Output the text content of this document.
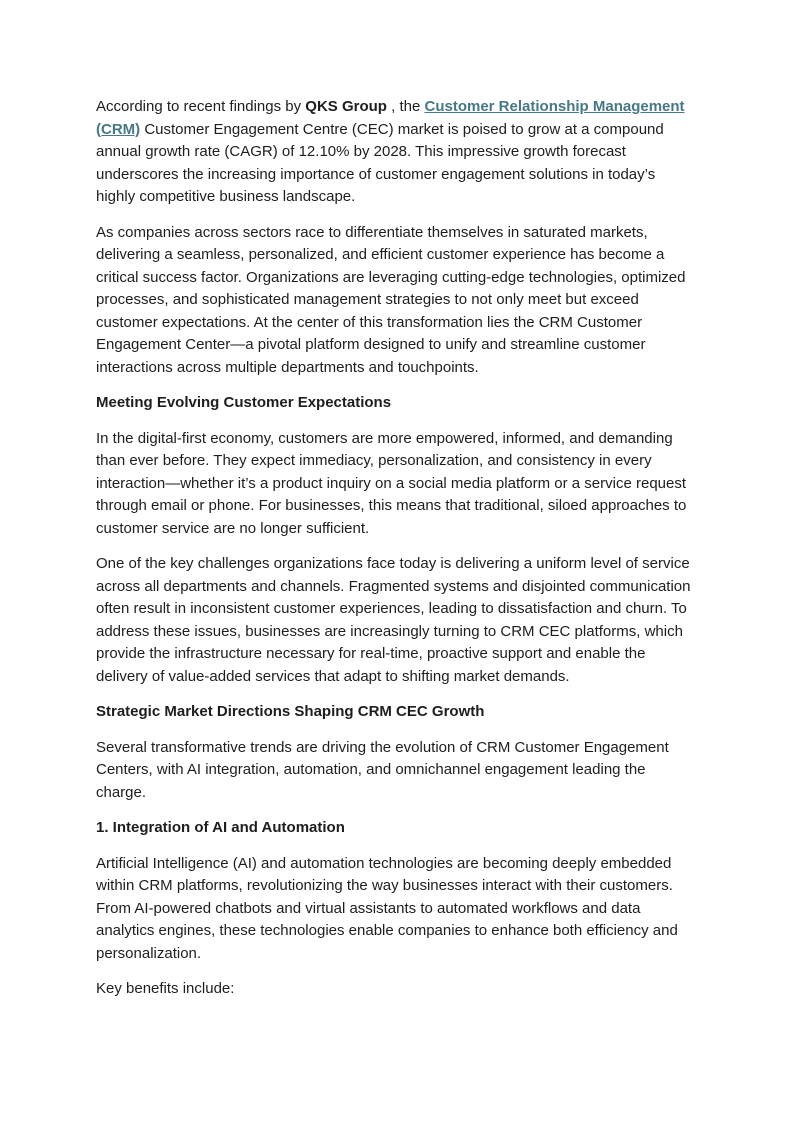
According to recent findings by QKS Group , the Customer Relationship Management (CRM) Customer Engagement Centre (CEC) market is poised to grow at a compound annual growth rate (CAGR) of 12.10% by 2028. This impressive growth forecast underscores the increasing importance of customer engagement solutions in today’s highly competitive business landscape.

As companies across sectors race to differentiate themselves in saturated markets, delivering a seamless, personalized, and efficient customer experience has become a critical success factor. Organizations are leveraging cutting-edge technologies, optimized processes, and sophisticated management strategies to not only meet but exceed customer expectations. At the center of this transformation lies the CRM Customer Engagement Center—a pivotal platform designed to unify and streamline customer interactions across multiple departments and touchpoints.

Meeting Evolving Customer Expectations

In the digital-first economy, customers are more empowered, informed, and demanding than ever before. They expect immediacy, personalization, and consistency in every interaction—whether it’s a product inquiry on a social media platform or a service request through email or phone. For businesses, this means that traditional, siloed approaches to customer service are no longer sufficient.

One of the key challenges organizations face today is delivering a uniform level of service across all departments and channels. Fragmented systems and disjointed communication often result in inconsistent customer experiences, leading to dissatisfaction and churn. To address these issues, businesses are increasingly turning to CRM CEC platforms, which provide the infrastructure necessary for real-time, proactive support and enable the delivery of value-added services that adapt to shifting market demands.

Strategic Market Directions Shaping CRM CEC Growth

Several transformative trends are driving the evolution of CRM Customer Engagement Centers, with AI integration, automation, and omnichannel engagement leading the charge.

1. Integration of AI and Automation

Artificial Intelligence (AI) and automation technologies are becoming deeply embedded within CRM platforms, revolutionizing the way businesses interact with their customers. From AI-powered chatbots and virtual assistants to automated workflows and data analytics engines, these technologies enable companies to enhance both efficiency and personalization.

Key benefits include:
